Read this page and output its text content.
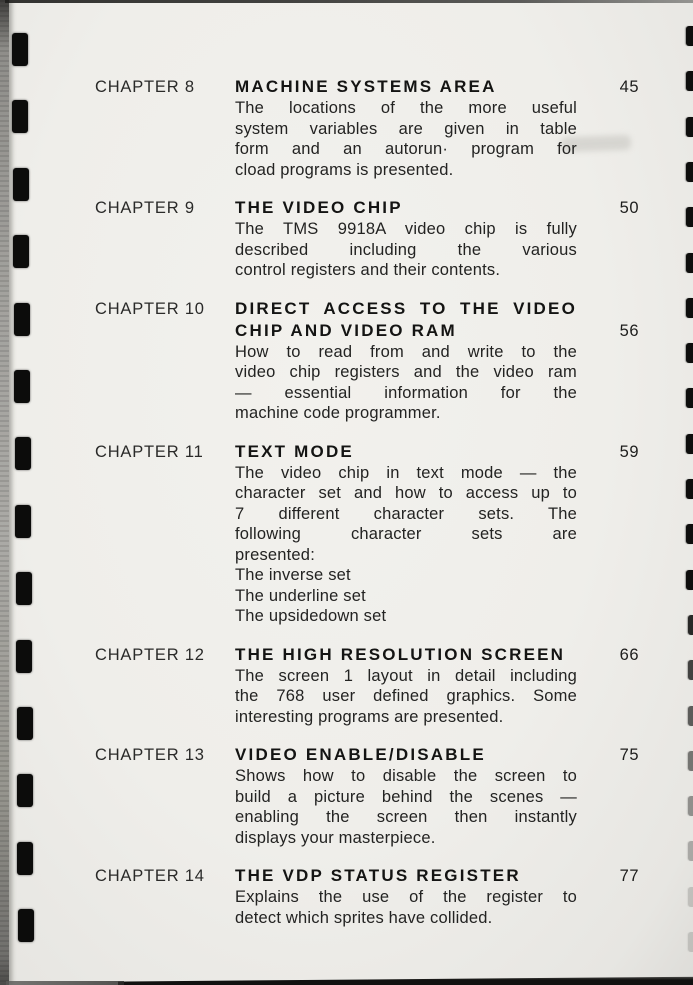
CHAPTER 8	MACHINE SYSTEMS AREA
The locations of the more useful
system variables are given in table
form and an autorun· program for
cload programs is presented.
45
CHAPTER 9	THE VIDEO CHIP
The TMS 9918A video chip is fully
described including the various
control registers and their contents.
50
CHAPTER 10	DIRECT ACCESS TO THE VIDEO
CHIP AND VIDEO RAM
How to read from and write to the
video chip registers and the video ram
— essential information for the
machine code programmer.
56
CHAPTER 11	TEXT MODE
The video chip in text mode — the
character set and how to access up to
7 different character sets. The
following character sets are
presented:
The inverse set
The underline set
The upsidedown set
59
CHAPTER 12	THE HIGH RESOLUTION SCREEN
The screen 1 layout in detail including
the 768 user defined graphics. Some
interesting programs are presented.
66
CHAPTER 13	VIDEO ENABLE/DISABLE
Shows how to disable the screen to
build a picture behind the scenes —
enabling the screen then instantly
displays your masterpiece.
75
CHAPTER 14	THE VDP STATUS REGISTER
Explains the use of the register to
detect which sprites have collided.
77
